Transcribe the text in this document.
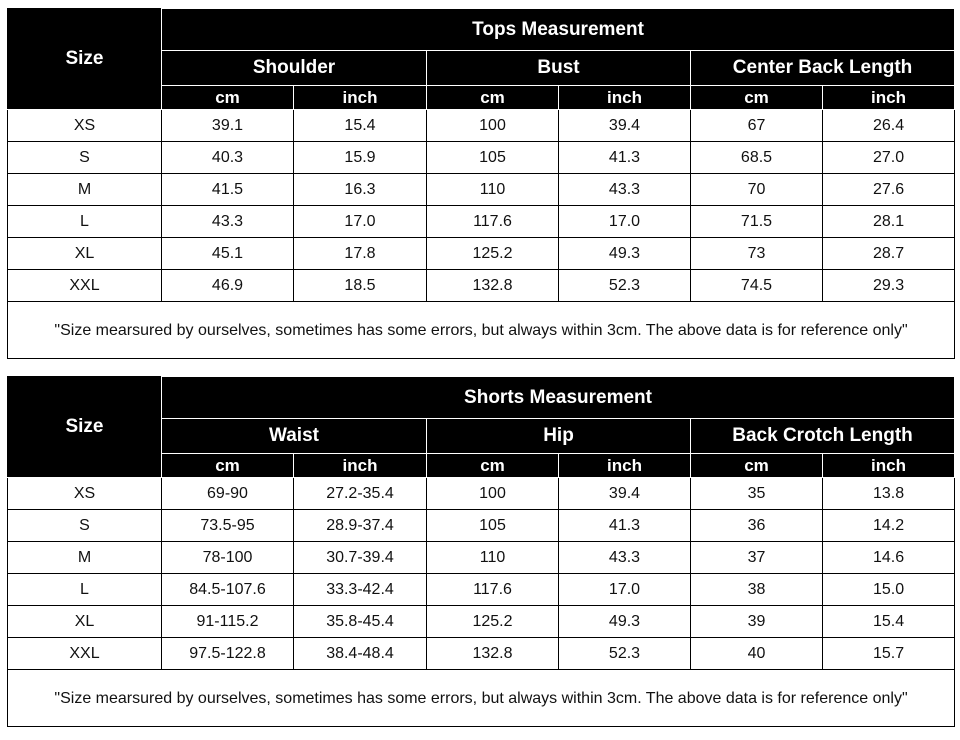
Size	Tops Measurement					
	Shoulder		Bust		Center Back Length	
	cm	inch	cm	inch	cm	inch
XS	39.1	15.4	100	39.4	67	26.4
S	40.3	15.9	105	41.3	68.5	27.0
M	41.5	16.3	110	43.3	70	27.6
L	43.3	17.0	117.6	17.0	71.5	28.1
XL	45.1	17.8	125.2	49.3	73	28.7
XXL	46.9	18.5	132.8	52.3	74.5	29.3
"Size mearsured by ourselves, sometimes has some errors, but always within 3cm. The above data is for reference only"						
Size	Shorts Measurement					
	Waist		Hip		Back Crotch Length	
	cm	inch	cm	inch	cm	inch
XS	69-90	27.2-35.4	100	39.4	35	13.8
S	73.5-95	28.9-37.4	105	41.3	36	14.2
M	78-100	30.7-39.4	110	43.3	37	14.6
L	84.5-107.6	33.3-42.4	117.6	17.0	38	15.0
XL	91-115.2	35.8-45.4	125.2	49.3	39	15.4
XXL	97.5-122.8	38.4-48.4	132.8	52.3	40	15.7
"Size mearsured by ourselves, sometimes has some errors, but always within 3cm. The above data is for reference only"						
